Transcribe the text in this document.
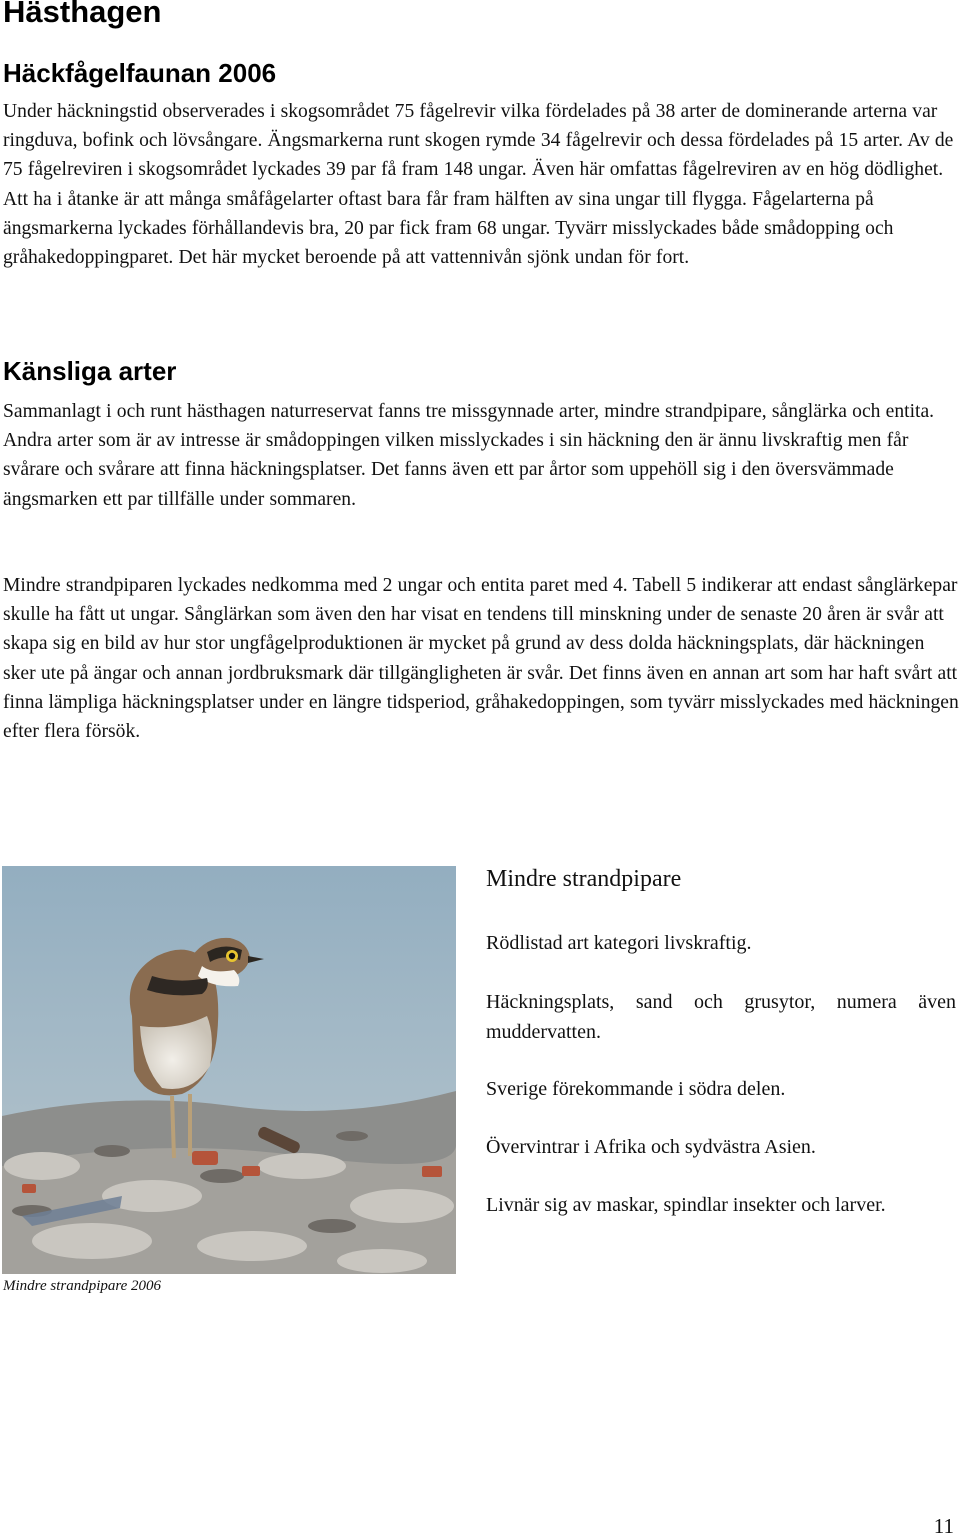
Hästhagen
Häckfågelfaunan 2006

Under häckningstid observerades i skogsområdet 75 fågelrevir vilka fördelades på 38 arter de dominerande arterna var ringduva, bofink och lövsångare. Ängsmarkerna runt skogen rymde 34 fågelrevir och dessa fördelades på 15 arter. Av de 75 fågelreviren i skogsområdet lyckades 39 par få fram 148 ungar. Även här omfattas fågelreviren av en hög dödlighet. Att ha i åtanke är att många småfågelarter oftast bara får fram hälften av sina ungar till flygga. Fågelarterna på ängsmarkerna lyckades förhållandevis bra, 20 par fick fram 68 ungar. Tyvärr misslyckades både smådopping och gråhakedoppingparet. Det här mycket beroende på att vattennivån sjönk undan för fort.

Känsliga arter

Sammanlagt i och runt hästhagen naturreservat fanns tre missgynnade arter, mindre strandpipare, sånglärka och entita. Andra arter som är av intresse är smådoppingen vilken misslyckades i sin häckning den är ännu livskraftig men får svårare och svårare att finna häckningsplatser. Det fanns även ett par årtor som uppehöll sig i den översvämmade ängsmarken ett par tillfälle under sommaren.

Mindre strandpiparen lyckades nedkomma med 2 ungar och entita paret med 4. Tabell 5 indikerar att endast sånglärkepar skulle ha fått ut ungar. Sånglärkan som även den har visat en tendens till minskning under de senaste 20 åren är svår att skapa sig en bild av hur stor ungfågelproduktionen är mycket på grund av dess dolda häckningsplats, där häckningen sker ute på ängar och annan jordbruksmark där tillgängligheten är svår. Det finns även en annan art som har haft svårt att finna lämpliga häckningsplatser under en längre tidsperiod, gråhakedoppingen, som tyvärr misslyckades med häckningen efter flera försök.

Mindre strandpipare 2006
Mindre strandpipare

Rödlistad art kategori livskraftig.

Häckningsplats, sand och grusytor, numera även muddervatten.

Sverige förekommande i södra delen.

Övervintrar i Afrika och sydvästra Asien.

Livnär sig av maskar, spindlar insekter och larver.

11
